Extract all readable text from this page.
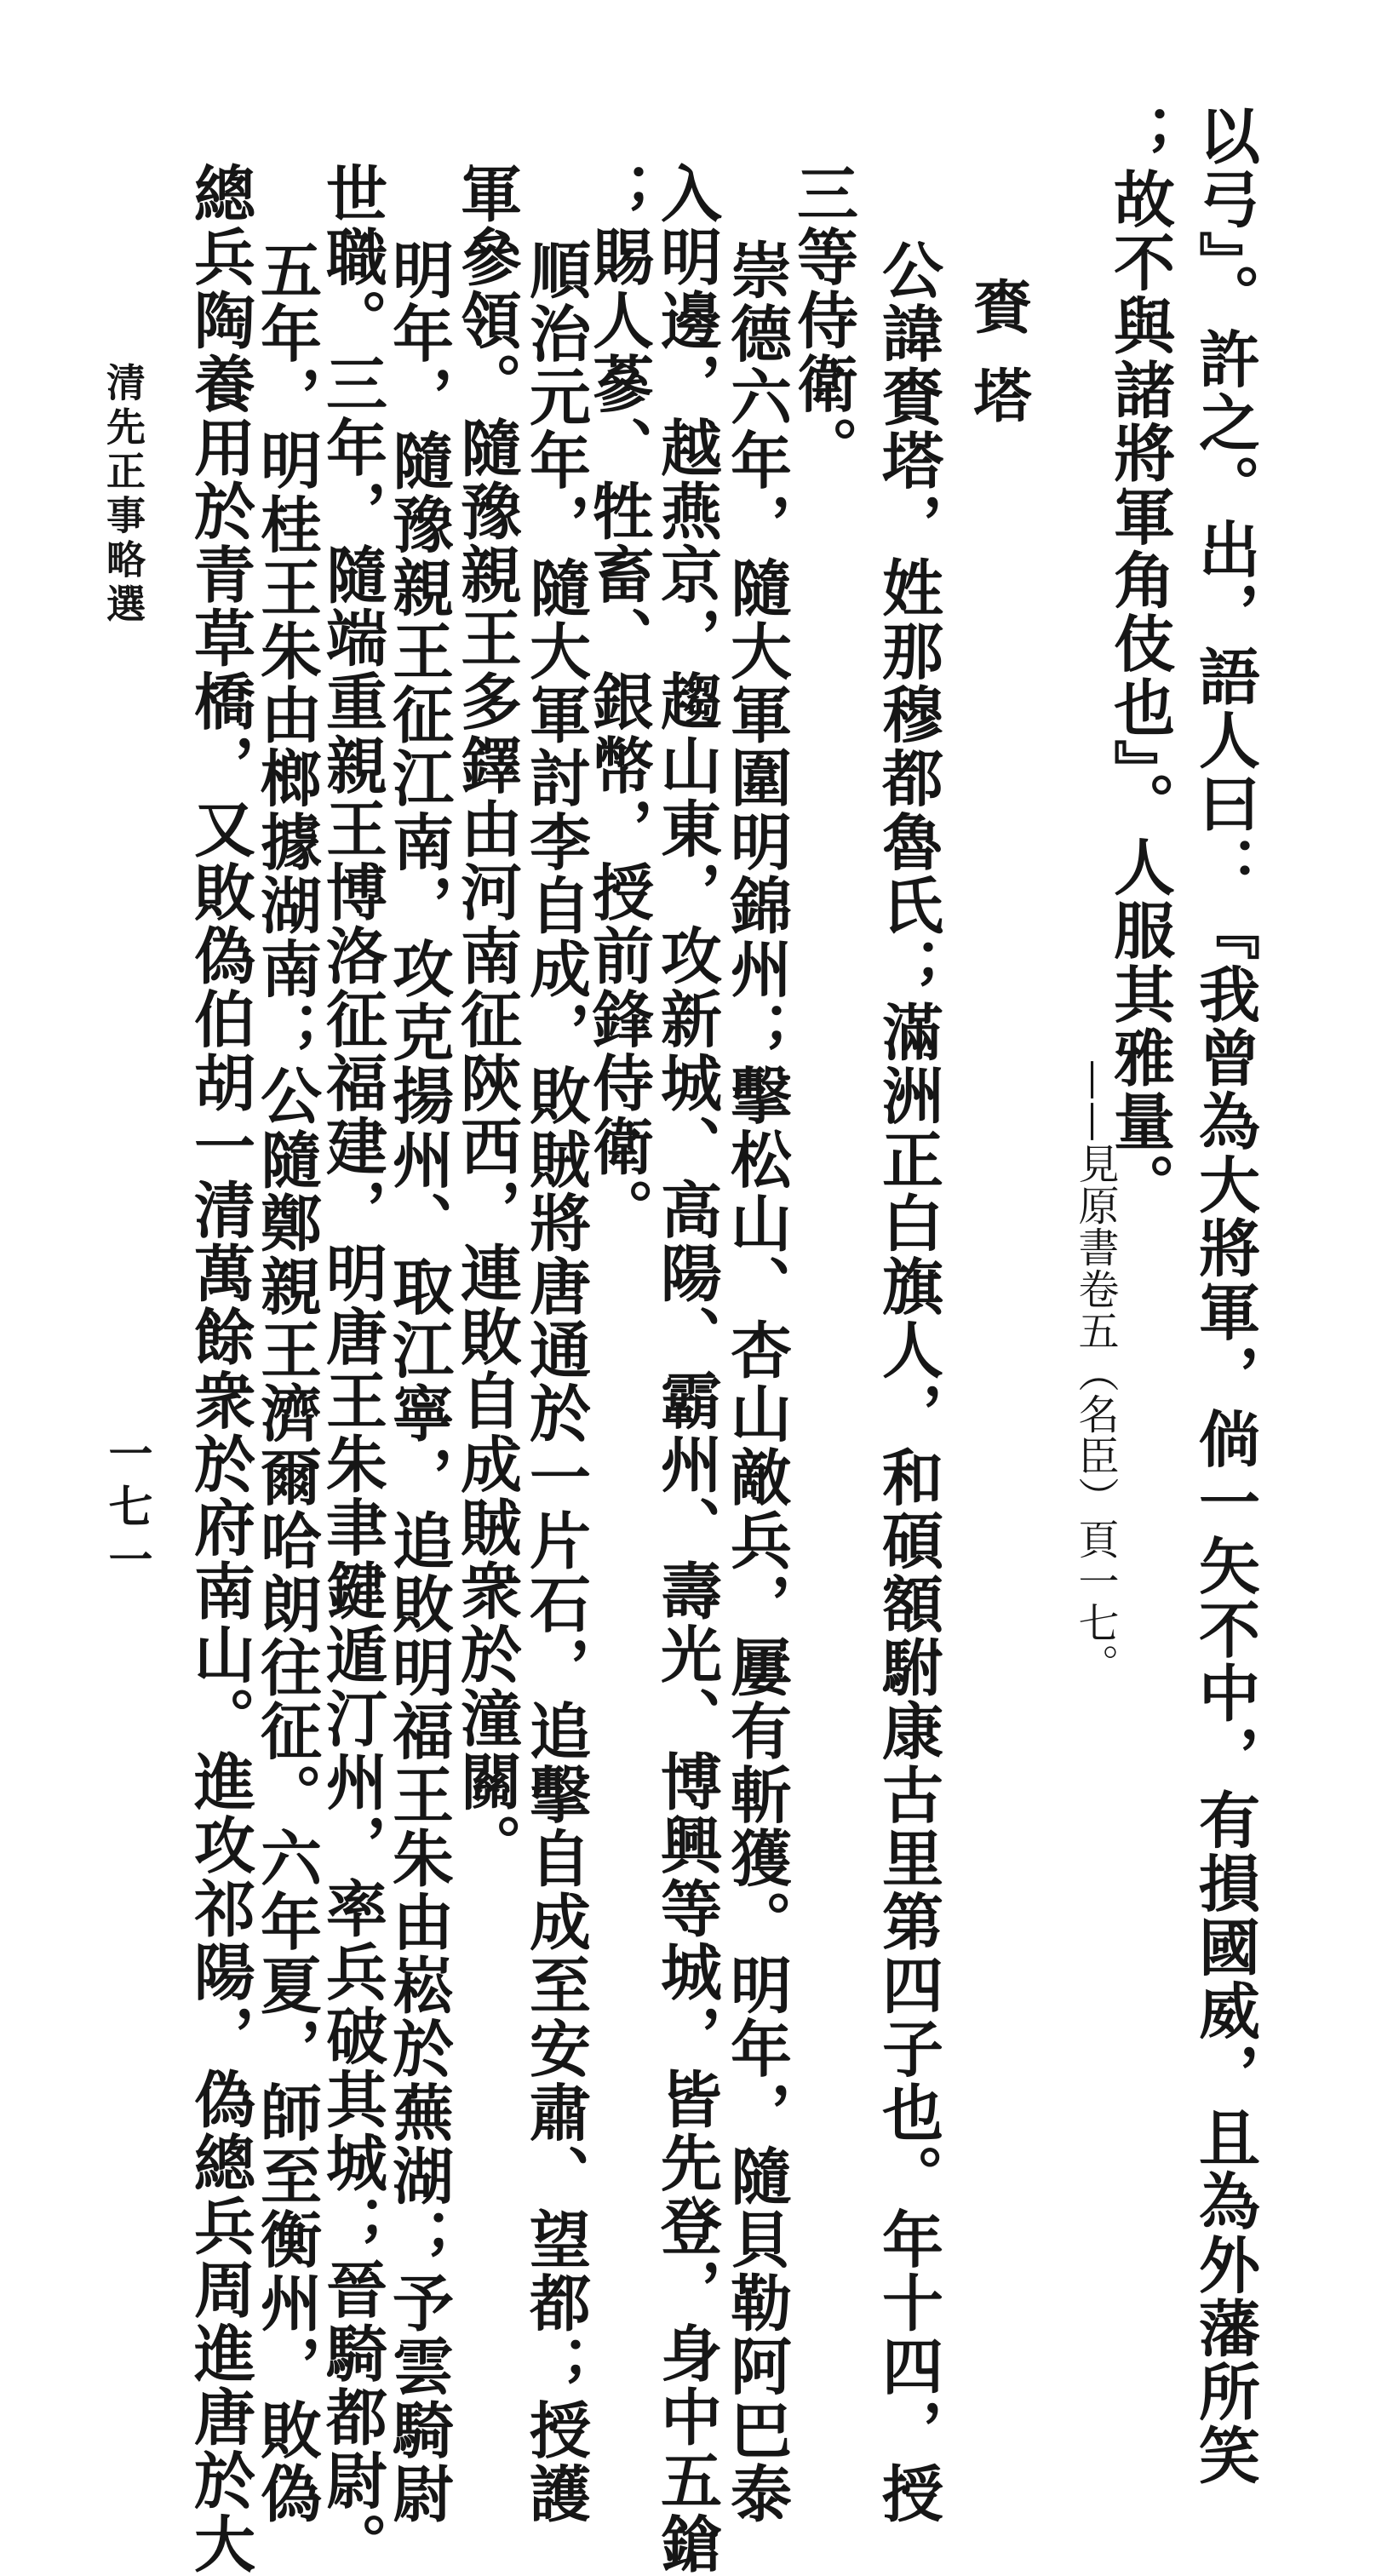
以弓』。許之。出，語人曰：『我曾為大將軍，倘一矢不中，有損國威，且為外藩所笑
；故不與諸將軍角伎也』。人服其雅量。
——見原書卷五（名臣）頁一七。
賚塔
公諱賚塔，姓那穆都魯氏；滿洲正白旗人，和碩額駙康古里第四子也。年十四，授
三等侍衛。
崇德六年，隨大軍圍明錦州；擊松山、杏山敵兵，屢有斬獲。明年，隨貝勒阿巴泰
入明邊，越燕京，趨山東，攻新城、高陽、霸州、壽光、博興等城，皆先登，身中五鎗
；賜人蔘、牲畜、銀幣，授前鋒侍衛。
順治元年，隨大軍討李自成，敗賊將唐通於一片石，追擊自成至安肅、望都；授護
軍參領。隨豫親王多鐸由河南征陝西，連敗自成賊衆於潼關。
明年，隨豫親王征江南，攻克揚州、取江寧，追敗明福王朱由崧於蕪湖；予雲騎尉
世職。三年，隨端重親王博洛征福建，明唐王朱聿鍵遁汀州，率兵破其城；晉騎都尉。
五年，明桂王朱由榔據湖南；公隨鄭親王濟爾哈朗往征。六年夏，師至衡州，敗偽
總兵陶養用於青草橋，又敗偽伯胡一清萬餘衆於府南山。進攻祁陽，偽總兵周進唐於大
清先正事略選
一七一
